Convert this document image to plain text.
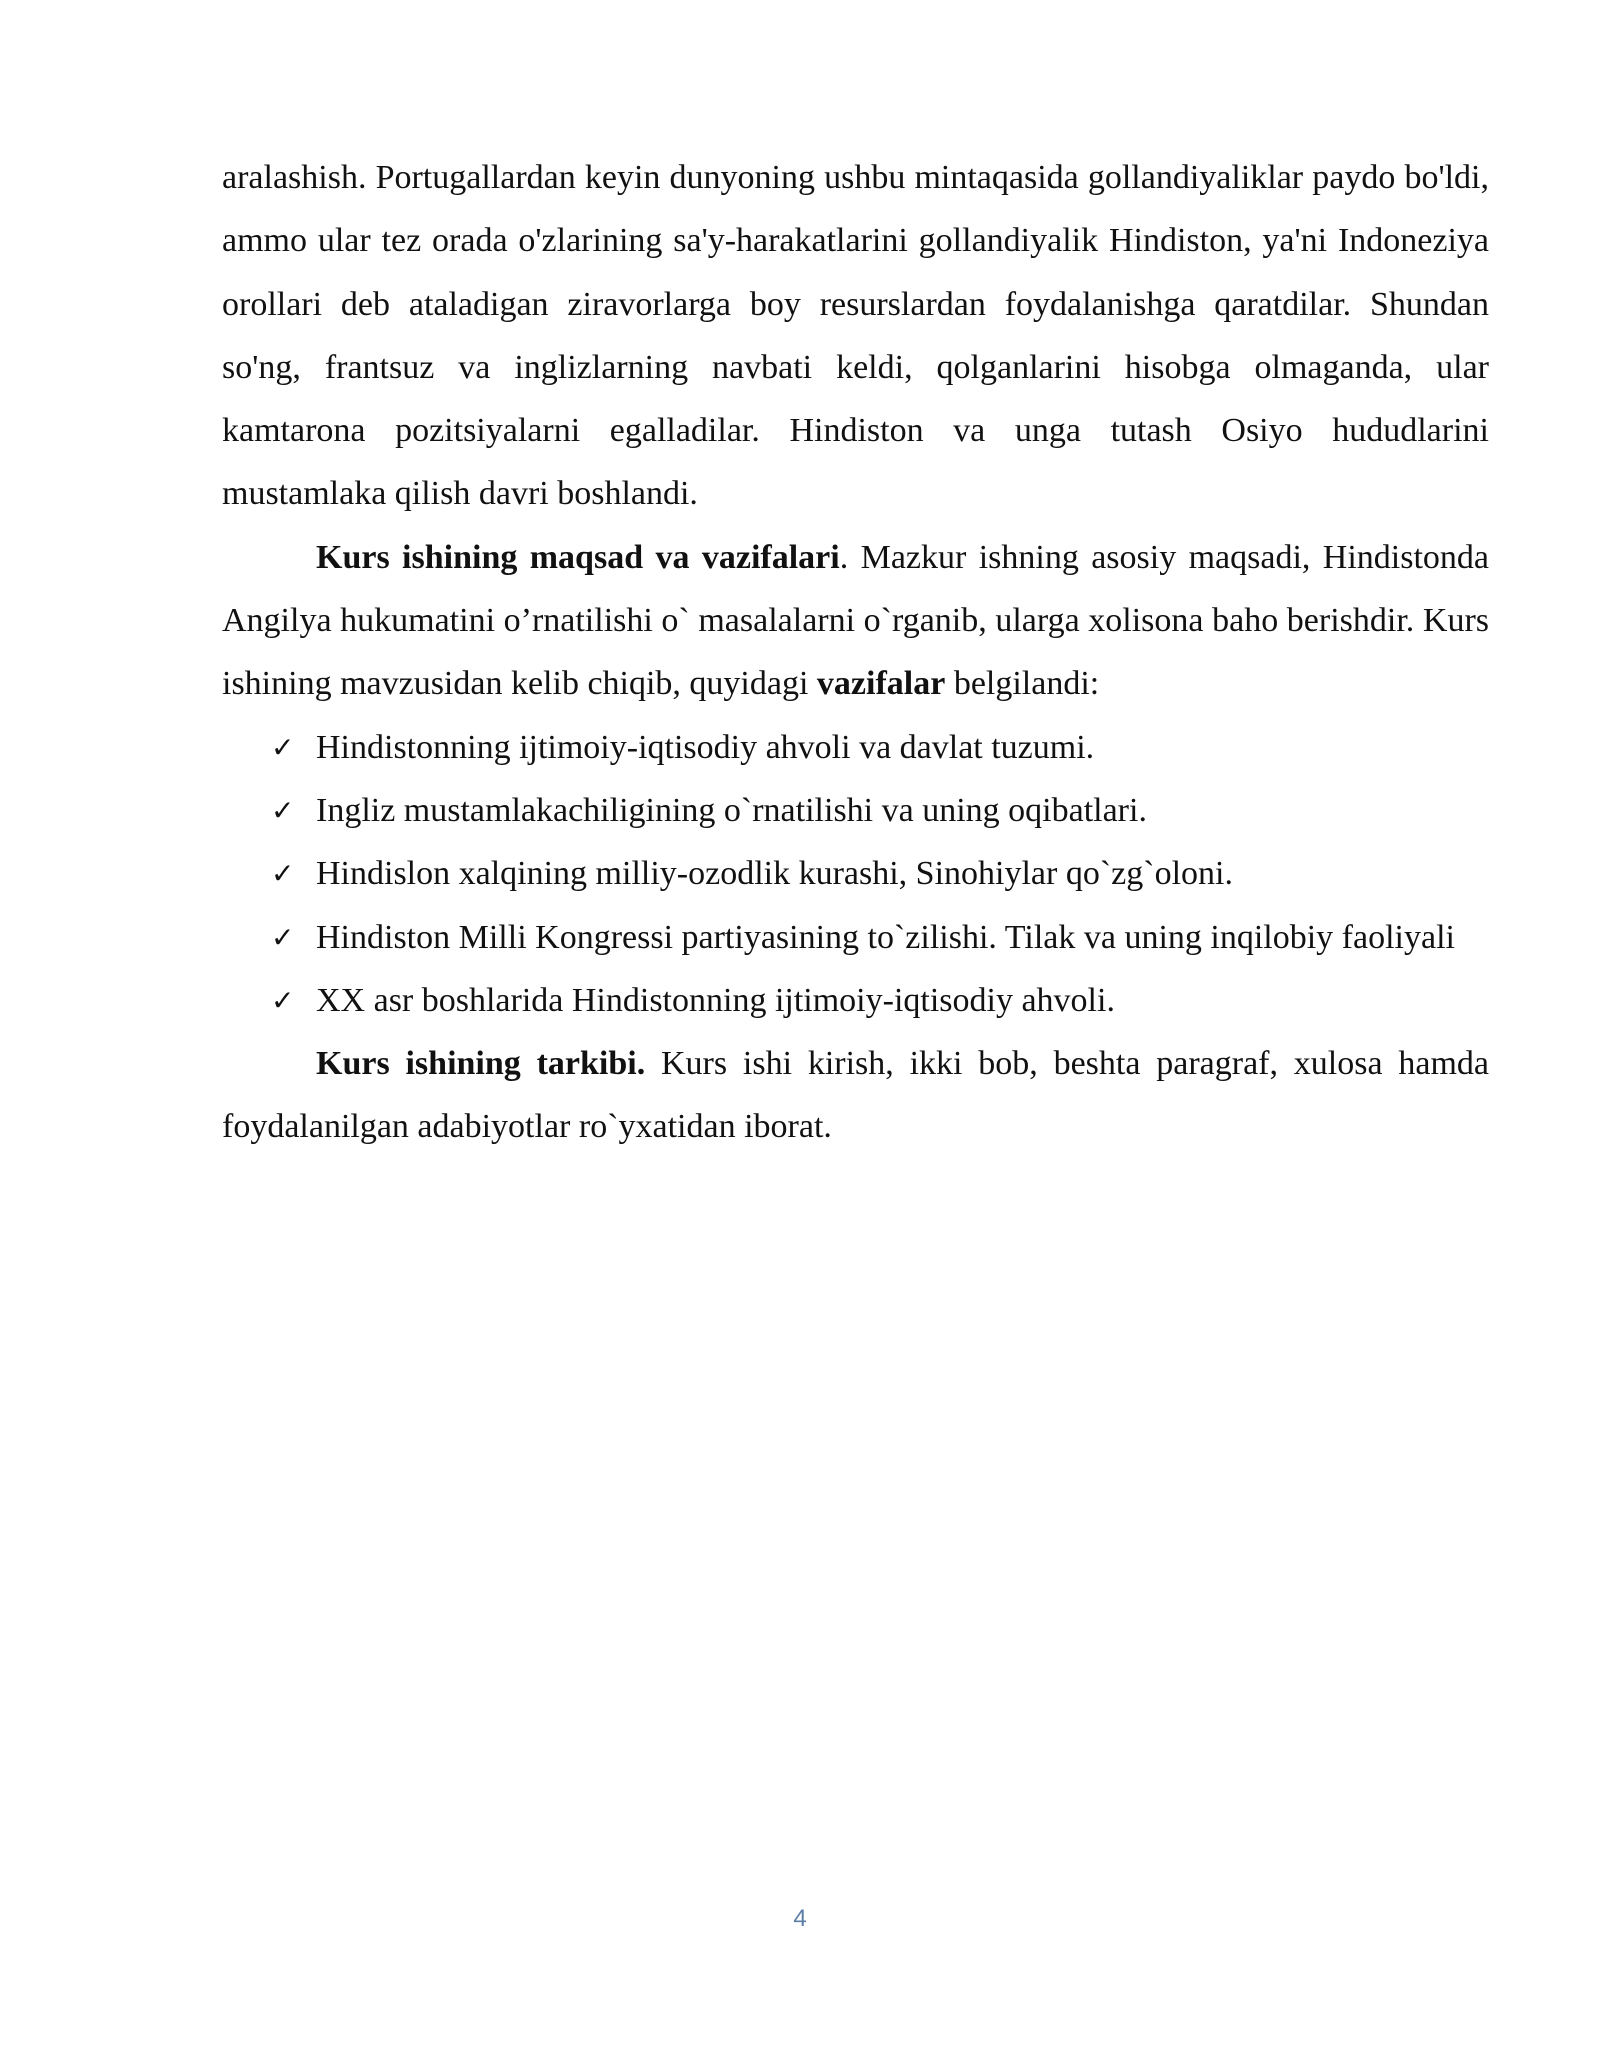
aralashish. Portugallardan keyin dunyoning ushbu mintaqasida gollandiyaliklar paydo bo'ldi, ammo ular tez orada o'zlarining sa'y-harakatlarini gollandiyalik Hindiston, ya'ni Indoneziya orollari deb ataladigan ziravorlarga boy resurslardan foydalanishga qaratdilar. Shundan so'ng, frantsuz va inglizlarning navbati keldi, qolganlarini hisobga olmaganda, ular kamtarona pozitsiyalarni egalladilar. Hindiston va unga tutash Osiyo hududlarini mustamlaka qilish davri boshlandi.

Kurs ishining maqsad va vazifalari. Mazkur ishning asosiy maqsadi, Hindistonda Angilya hukumatini o’rnatilishi o` masalalarni o`rganib, ularga xolisona baho berishdir. Kurs ishining mavzusidan kelib chiqib, quyidagi vazifalar belgilandi:

✓ Hindistonning ijtimoiy-iqtisodiy ahvoli va davlat tuzumi.
✓ Ingliz mustamlakachiligining o`rnatilishi va uning oqibatlari.
✓ Hindislon xalqining milliy-ozodlik kurashi, Sinohiylar qo`zg`oloni.
✓ Hindiston Milli Kongressi partiyasining to`zilishi. Tilak va uning inqilobiy faoliyali
✓ XX asr boshlarida Hindistonning ijtimoiy-iqtisodiy ahvoli.

Kurs ishining tarkibi. Kurs ishi kirish, ikki bob, beshta paragraf, xulosa hamda foydalanilgan adabiyotlar ro`yxatidan iborat.

4
